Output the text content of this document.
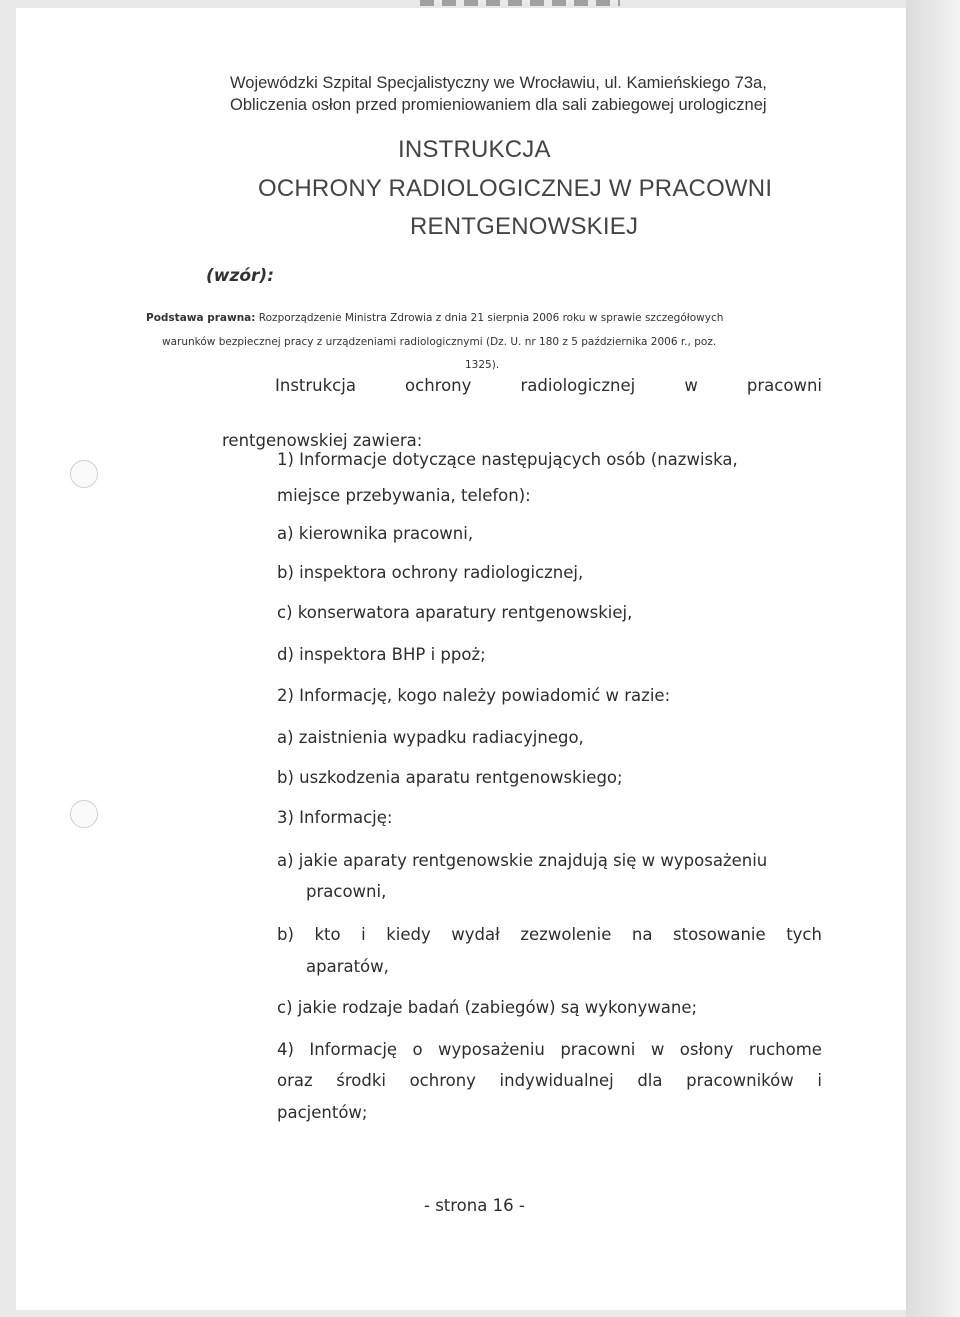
Wojewódzki Szpital Specjalistyczny we Wrocławiu, ul. Kamieńskiego 73a,

Obliczenia osłon przed promieniowaniem dla sali zabiegowej urologicznej

INSTRUKCJA

OCHRONY RADIOLOGICZNEJ W PRACOWNI

RENTGENOWSKIEJ

(wzór):

Podstawa prawna: Rozporządzenie Ministra Zdrowia z dnia 21 sierpnia 2006 roku w sprawie szczegółowych

warunków bezpiecznej pracy z urządzeniami radiologicznymi (Dz. U. nr 180 z 5 października 2006 r., poz.

1325).

Instrukcja	ochrony	radiologicznej	w	pracowni

rentgenowskiej zawiera:

1) Informacje dotyczące następujących osób (nazwiska,

miejsce przebywania, telefon):

a) kierownika pracowni,

b) inspektora ochrony radiologicznej,

c) konserwatora aparatury rentgenowskiej,

d) inspektora BHP i ppoż;

2) Informację, kogo należy powiadomić w razie:

a) zaistnienia wypadku radiacyjnego,

b) uszkodzenia aparatu rentgenowskiego;

3) Informację:

a) jakie aparaty rentgenowskie znajdują się w wyposażeniu

pracowni,

b) kto i kiedy wydał zezwolenie na stosowanie tych

aparatów,

c) jakie rodzaje badań (zabiegów) są wykonywane;

4) Informację o wyposażeniu pracowni w osłony ruchome
oraz środki ochrony indywidualnej dla pracowników i

pacjentów;

- strona 16 -
